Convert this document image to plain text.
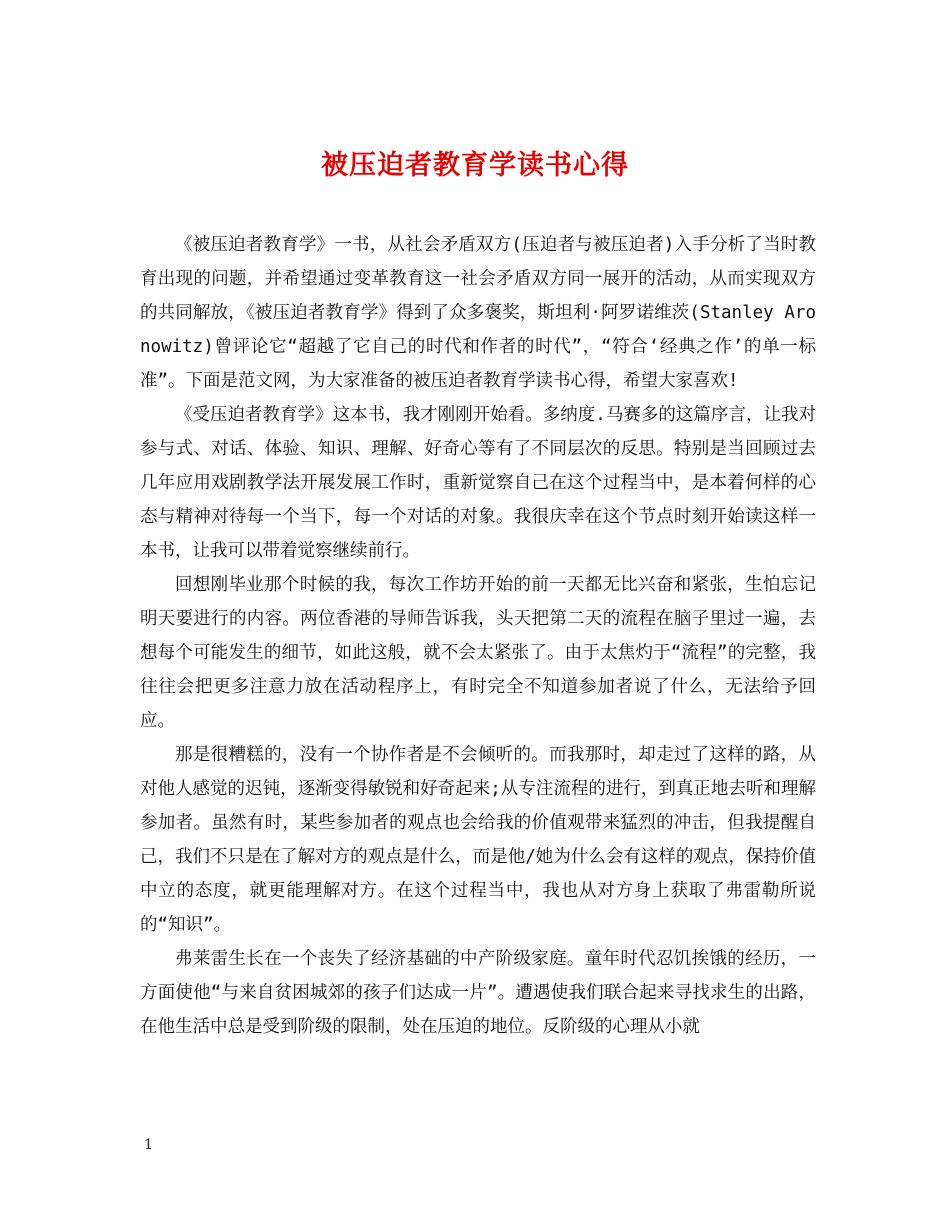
被压迫者教育学读书心得

《被压迫者教育学》一书，从社会矛盾双方(压迫者与被压迫者)入手分析了当时教育出现的问题，并希望通过变革教育这一社会矛盾双方同一展开的活动，从而实现双方的共同解放，《被压迫者教育学》得到了众多褒奖，斯坦利·阿罗诺维茨(Stanley Aronowitz)曾评论它“超越了它自己的时代和作者的时代”，“符合‘经典之作’的单一标准”。下面是范文网，为大家准备的被压迫者教育学读书心得，希望大家喜欢!

《受压迫者教育学》这本书，我才刚刚开始看。多纳度.马赛多的这篇序言，让我对参与式、对话、体验、知识、理解、好奇心等有了不同层次的反思。特别是当回顾过去几年应用戏剧教学法开展发展工作时，重新觉察自己在这个过程当中，是本着何样的心态与精神对待每一个当下，每一个对话的对象。我很庆幸在这个节点时刻开始读这样一本书，让我可以带着觉察继续前行。

回想刚毕业那个时候的我，每次工作坊开始的前一天都无比兴奋和紧张，生怕忘记明天要进行的内容。两位香港的导师告诉我，头天把第二天的流程在脑子里过一遍，去想每个可能发生的细节，如此这般，就不会太紧张了。由于太焦灼于“流程”的完整，我往往会把更多注意力放在活动程序上，有时完全不知道参加者说了什么，无法给予回应。

那是很糟糕的，没有一个协作者是不会倾听的。而我那时，却走过了这样的路，从对他人感觉的迟钝，逐渐变得敏锐和好奇起来;从专注流程的进行，到真正地去听和理解参加者。虽然有时，某些参加者的观点也会给我的价值观带来猛烈的冲击，但我提醒自己，我们不只是在了解对方的观点是什么，而是他/她为什么会有这样的观点，保持价值中立的态度，就更能理解对方。在这个过程当中，我也从对方身上获取了弗雷勒所说的“知识”。

弗莱雷生长在一个丧失了经济基础的中产阶级家庭。童年时代忍饥挨饿的经历，一方面使他“与来自贫困城郊的孩子们达成一片”。遭遇使我们联合起来寻找求生的出路，在他生活中总是受到阶级的限制，处在压迫的地位。反阶级的心理从小就

1
